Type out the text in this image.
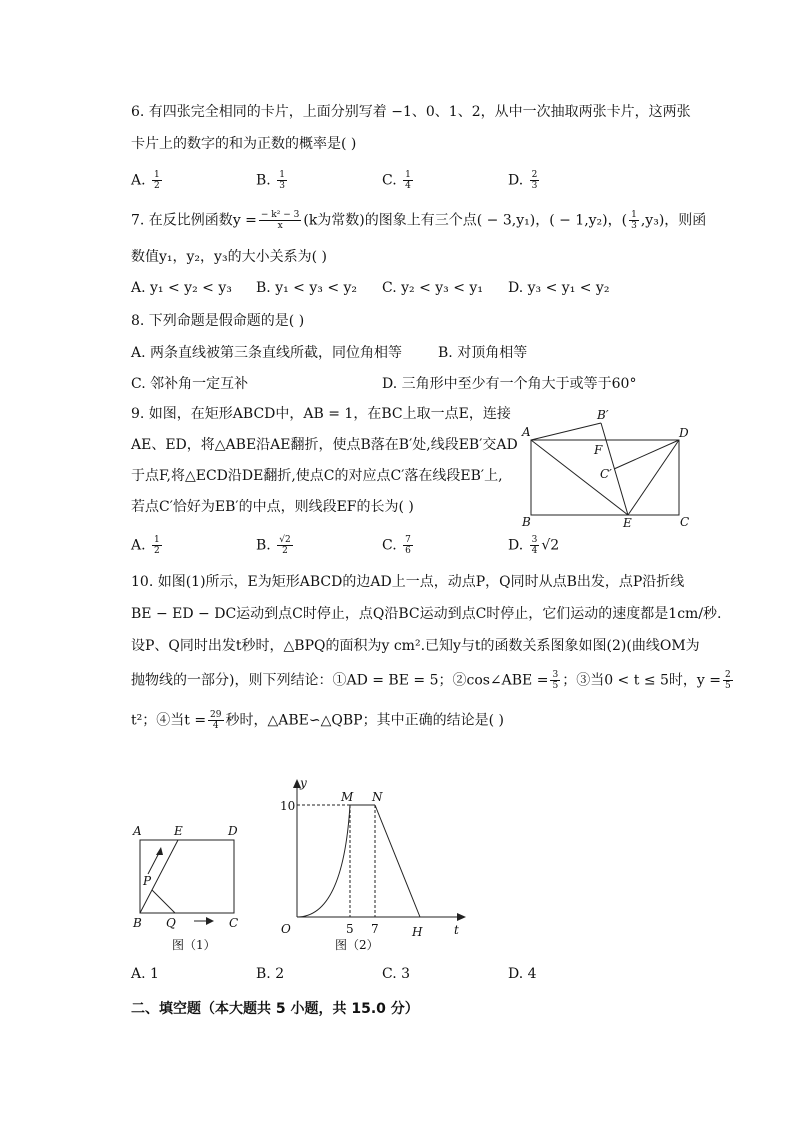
6. 有四张完全相同的卡片，上面分别写着 −1、0、1、2，从中一次抽取两张卡片，这两张
卡片上的数字的和为正数的概率是( )
A. $\frac{1}{2}$	B. $\frac{1}{3}$	C. $\frac{1}{4}$	D. $\frac{2}{3}$
7. 在反比例函数$y = \frac{\text{− k² − 3}}{x} (k$为常数)的图象上有三个点( − 3,y₁)，( − 1,y₂)，( $\frac{1}{3} ,y_3$)，则函
数值y₁，y₂，y₃的大小关系为( )
A. y₁ < y₂ < y₃ B. y₁ < y₃ < y₂ C. y₂ < y₃ < y₁ D. y₃ < y₁ < y₂
8. 下列命题是假命题的是( )
A. 两条直线被第三条直线所截，同位角相等	B. 对顶角相等
C. 邻补角一定互补	D. 三角形中至少有一个角大于或等于60°
9. 如图，在矩形ABCD中，AB = 1，在BC上取一点E，连接
AE、ED，将△ABE沿AE翻折，使点B落在B′处,线段EB′交AD
于点F,将△ECD沿DE翻折,使点C的对应点C′落在线段EB′上,
若点C′恰好为EB′的中点，则线段EF的长为( )
A. $\frac{1}{2}$	B. $\frac{√2}{2}$	C. $\frac{7}{6}$	D. $\frac{3}{4} √2$
A
B	C
D
E
F
B′
C′
10. 如图(1)所示，E为矩形ABCD的边AD上一点，动点P，Q同时从点B出发，点P沿折线
BE − ED − DC运动到点C时停止，点Q沿BC运动到点C时停止，它们运动的速度都是1cm/秒.
设P、Q同时出发t秒时，△BPQ的面积为y cm².已知y与t的函数关系图象如图(2)(曲线OM为
抛物线的一部分)，则下列结论：①AD = BE = 5；②cos∠ABE = $\frac{3}{5}$ ；③当0 < t ≤ 5时，$y = \frac{2}{5}$
t²；④当$t = \frac{29}{4}$ 秒时，△ABE∽△QBP；其中正确的结论是( )
A	E	D
P
B Q	C
图（1）
y
M N
10
O	5 7	H	t
图（2）
A. 1	B. 2	C. 3	D. 4
二、填空题（本大题共 5 小题，共 15.0 分）
